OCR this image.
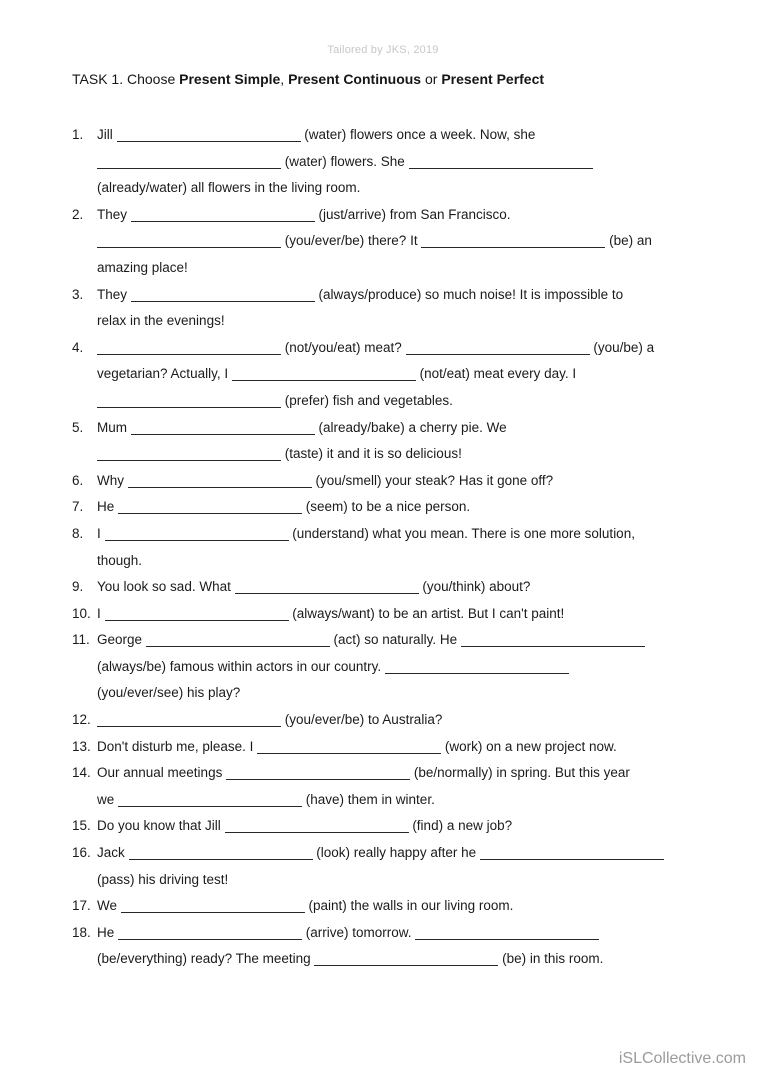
Tailored by JKS, 2019
TASK 1. Choose Present Simple, Present Continuous or Present Perfect
1. Jill	(water) flowers once a week. Now, she
(water) flowers. She
(already/water) all flowers in the living room.
2. They	(just/arrive) from San Francisco.
(you/ever/be) there? It	(be) an
amazing place!
3. They	(always/produce) so much noise! It is impossible to
relax in the evenings!
4.	(not/you/eat) meat?	(you/be) a
vegetarian? Actually, I	(not/eat) meat every day. I
(prefer) fish and vegetables.
5. Mum	(already/bake) a cherry pie. We
(taste) it and it is so delicious!
6. Why	(you/smell) your steak? Has it gone off?
7. He	(seem) to be a nice person.
8. I	(understand) what you mean. There is one more solution,
though.
9. You look so sad. What	(you/think) about?
10. I	(always/want) to be an artist. But I can't paint!
11. George	(act) so naturally. He
(always/be) famous within actors in our country.
(you/ever/see) his play?
12.	(you/ever/be) to Australia?
13. Don't disturb me, please. I	(work) on a new project now.
14. Our annual meetings	(be/normally) in spring. But this year
we	(have) them in winter.
15. Do you know that Jill	(find) a new job?
16. Jack	(look) really happy after he
(pass) his driving test!
17. We	(paint) the walls in our living room.
18. He	(arrive) tomorrow.
(be/everything) ready? The meeting	(be) in this room.
iSLCollective.com
